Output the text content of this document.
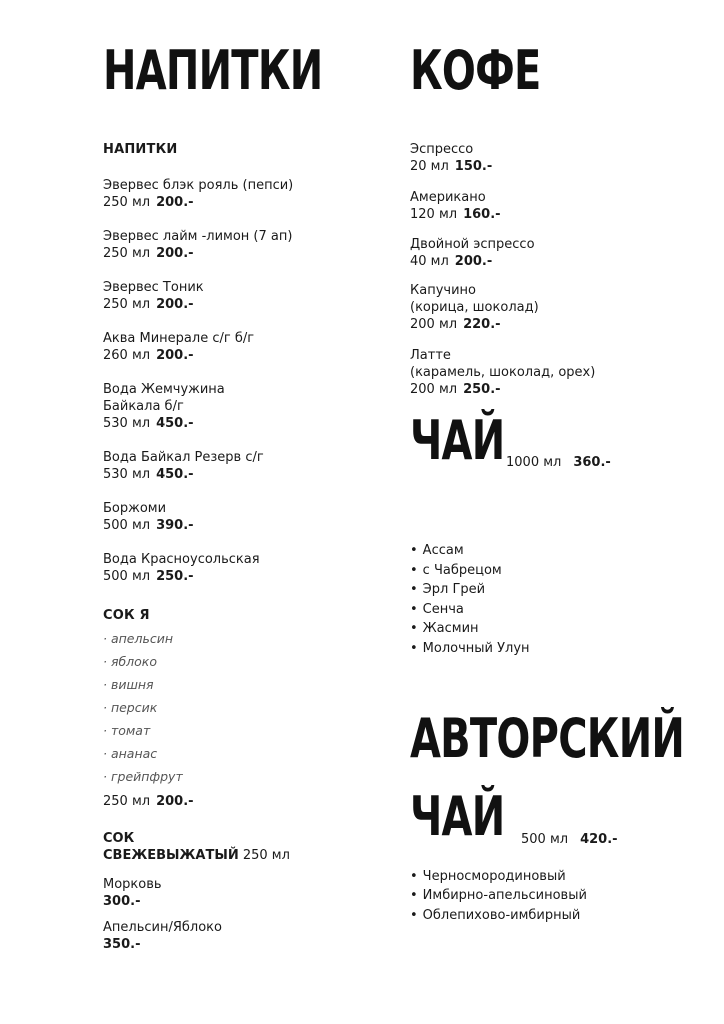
НАПИТКИ
НАПИТКИ
Эвервес блэк рояль (пепси)
250 мл 200.-
Эвервес лайм -лимон (7 ап)
250 мл 200.-
Эвервес Тоник
250 мл 200.-
Аква Минерале с/г б/г
260 мл 200.-
Вода Жемчужина
Байкала б/г
530 мл 450.-
Вода Байкал Резерв с/г
530 мл 450.-
Боржоми
500 мл 390.-
Вода Красноусольская
500 мл 250.-
СОК Я
· апельсин
· яблоко
· вишня
· персик
· томат
· ананас
· грейпфрут
250 мл 200.-
СОК
СВЕЖЕВЫЖАТЫЙ 250 мл
Морковь
300.-
Апельсин/Яблоко
350.-
КОФЕ
Эспрессо
20 мл 150.-
Американо
120 мл 160.-
Двойной эспрессо
40 мл 200.-
Капучино
(корица, шоколад)
200 мл 220.-
Латте
(карамель, шоколад, орех)
200 мл 250.-
ЧАЙ 1000 мл 360.-
• Ассам
• с Чабрецом
• Эрл Грей
• Сенча
• Жасмин
• Молочный Улун
АВТОРСКИЙ
ЧАЙ 500 мл 420.-
• Черносмородиновый
• Имбирно-апельсиновый
• Облепихово-имбирный
